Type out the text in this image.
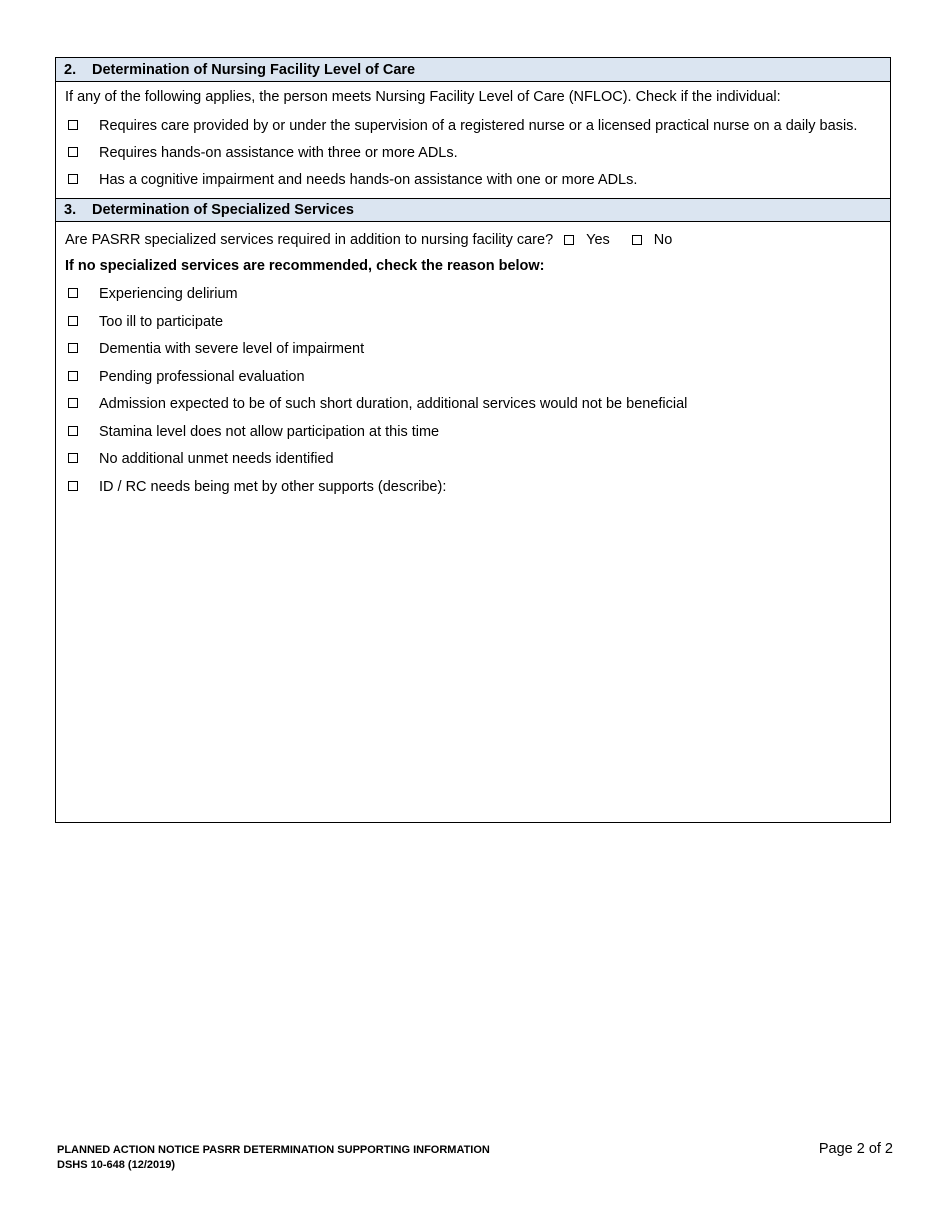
2.	Determination of Nursing Facility Level of Care
If any of the following applies, the person meets Nursing Facility Level of Care (NFLOC). Check if the individual:
Requires care provided by or under the supervision of a registered nurse or a licensed practical nurse on a daily basis.
Requires hands-on assistance with three or more ADLs.
Has a cognitive impairment and needs hands-on assistance with one or more ADLs.
3.	Determination of Specialized Services
Are PASRR specialized services required in addition to nursing facility care? Yes	No
If no specialized services are recommended, check the reason below:
Experiencing delirium
Too ill to participate
Dementia with severe level of impairment
Pending professional evaluation
Admission expected to be of such short duration, additional services would not be beneficial
Stamina level does not allow participation at this time
No additional unmet needs identified
ID / RC needs being met by other supports (describe):
PLANNED ACTION NOTICE PASRR DETERMINATION SUPPORTING INFORMATION
DSHS 10-648 (12/2019)
Page 2 of 2
